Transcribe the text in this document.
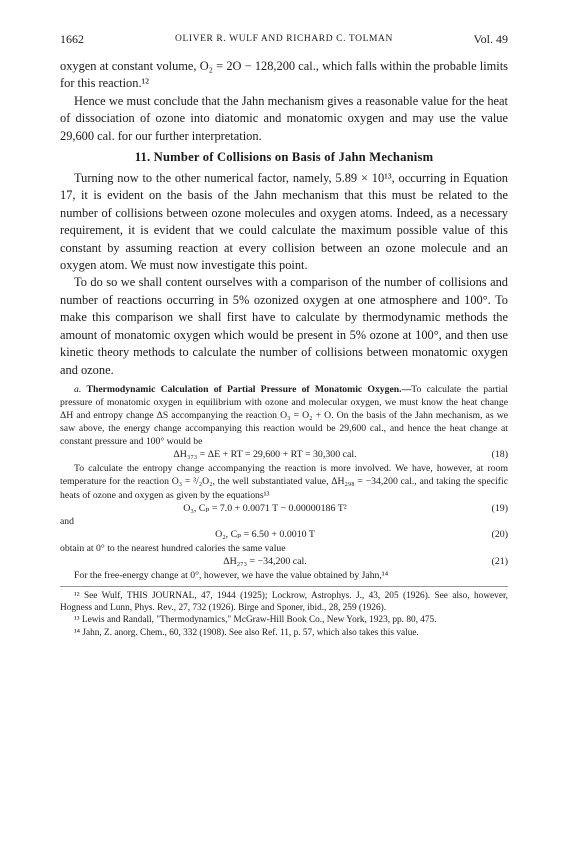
1662	OLIVER R. WULF AND RICHARD C. TOLMAN	Vol. 49

oxygen at constant volume, O₂ = 2O − 128,200 cal., which falls within the probable limits for this reaction.¹²

Hence we must conclude that the Jahn mechanism gives a reasonable value for the heat of dissociation of ozone into diatomic and monatomic oxygen and may use the value 29,600 cal. for our further interpretation.

11. Number of Collisions on Basis of Jahn Mechanism

Turning now to the other numerical factor, namely, 5.89 × 10¹³, occurring in Equation 17, it is evident on the basis of the Jahn mechanism that this must be related to the number of collisions between ozone molecules and oxygen atoms. Indeed, as a necessary requirement, it is evident that we could calculate the maximum possible value of this constant by assuming reaction at every collision between an ozone molecule and an oxygen atom. We must now investigate this point.

To do so we shall content ourselves with a comparison of the number of collisions and number of reactions occurring in 5% ozonized oxygen at one atmosphere and 100°. To make this comparison we shall first have to calculate by thermodynamic methods the amount of monatomic oxygen which would be present in 5% ozone at 100°, and then use kinetic theory methods to calculate the number of collisions between monatomic oxygen and ozone.

a. Thermodynamic Calculation of Partial Pressure of Monatomic Oxygen.—To calculate the partial pressure of monatomic oxygen in equilibrium with ozone and molecular oxygen, we must know the heat change ΔH and entropy change ΔS accompanying the reaction O₃ = O₂ + O. On the basis of the Jahn mechanism, as we saw above, the energy change accompanying this reaction would be 29,600 cal., and hence the heat change at constant pressure and 100° would be

ΔH₃₇₃ = ΔE + RT = 29,600 + RT = 30,300 cal.	(18)

To calculate the entropy change accompanying the reaction is more involved. We have, however, at room temperature for the reaction O₃ = ³/₂O₂, the well substantiated value, ΔH₂₉₈ = −34,200 cal., and taking the specific heats of ozone and oxygen as given by the equations¹³

O₃, Cₚ = 7.0 + 0.0071 T − 0.00000186 T²	(19)
and
O₂, Cₚ = 6.50 + 0.0010 T	(20)

obtain at 0° to the nearest hundred calories the same value

ΔH₂₇₃ = −34,200 cal.	(21)

For the free-energy change at 0°, however, we have the value obtained by Jahn,¹⁴

¹² See Wulf, THIS JOURNAL, 47, 1944 (1925); Lockrow, Astrophys. J., 43, 205 (1926). See also, however, Hogness and Lunn, Phys. Rev., 27, 732 (1926). Birge and Sponer, ibid., 28, 259 (1926).

¹³ Lewis and Randall, "Thermodynamics," McGraw-Hill Book Co., New York, 1923, pp. 80, 475.

¹⁴ Jahn, Z. anorg. Chem., 60, 332 (1908). See also Ref. 11, p. 57, which also takes this value.
